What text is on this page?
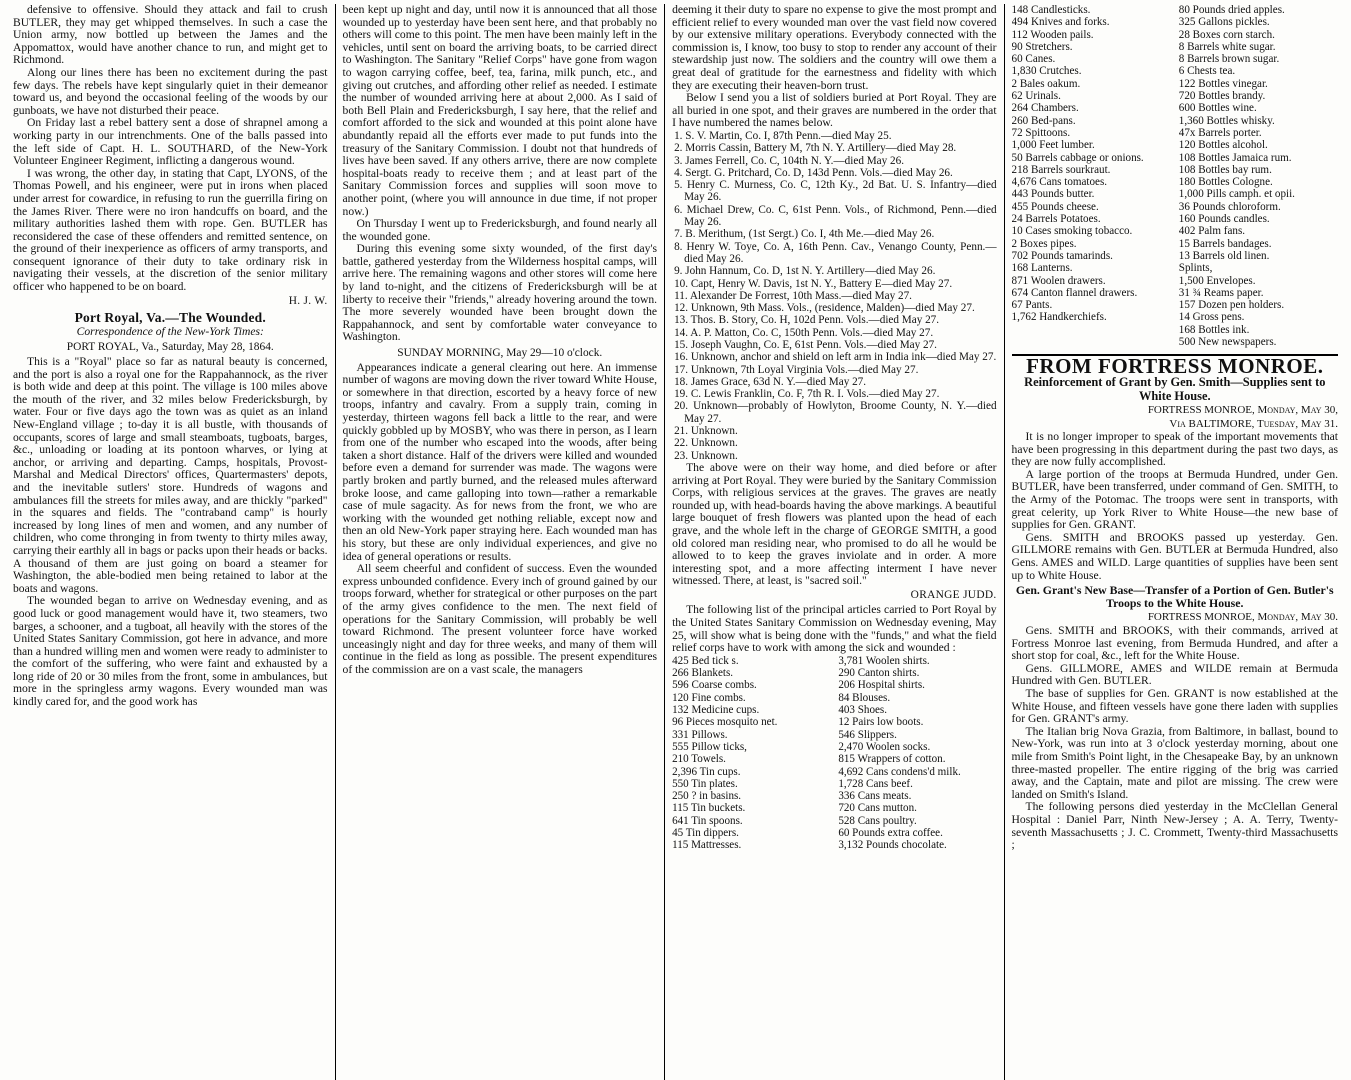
defensive to offensive. Should they attack and fail to crush BUTLER, they may get whipped themselves. In such a case the Union army, now bottled up between the James and the Appomattox, would have another chance to run, and might get to Richmond.

Along our lines there has been no excitement during the past few days. The rebels have kept singularly quiet in their demeanor toward us, and beyond the occasional feeling of the woods by our gunboats, we have not disturbed their peace.

On Friday last a rebel battery sent a dose of shrapnel among a working party in our intrenchments. One of the balls passed into the left side of Capt. H. L. SOUTHARD, of the New-York Volunteer Engineer Regiment, inflicting a dangerous wound.

I was wrong, the other day, in stating that Capt, LYONS, of the Thomas Powell, and his engineer, were put in irons when placed under arrest for cowardice, in refusing to run the guerrilla firing on the James River. There were no iron handcuffs on board, and the military authorities lashed them with rope. Gen. BUTLER has reconsidered the case of these offenders and remitted sentence, on the ground of their inexperience as officers of army transports, and consequent ignorance of their duty to take ordinary risk in navigating their vessels, at the discretion of the senior military officer who happened to be on board.

H. J. W.
Port Royal, Va.—The Wounded.
Correspondence of the New-York Times:
PORT ROYAL, Va., Saturday, May 28, 1864.

This is a "Royal" place so far as natural beauty is concerned, and the port is also a royal one for the Rappahannock, as the river is both wide and deep at this point. The village is 100 miles above the mouth of the river, and 32 miles below Fredericksburgh, by water. Four or five days ago the town was as quiet as an inland New-England village ; to-day it is all bustle, with thousands of occupants, scores of large and small steamboats, tugboats, barges, &c., unloading or loading at its pontoon wharves, or lying at anchor, or arriving and departing. Camps, hospitals, Provost-Marshal and Medical Directors' offices, Quartermasters' depots, and the inevitable sutlers' store. Hundreds of wagons and ambulances fill the streets for miles away, and are thickly "parked" in the squares and fields. The "contraband camp" is hourly increased by long lines of men and women, and any number of children, who come thronging in from twenty to thirty miles away, carrying their earthly all in bags or packs upon their heads or backs. A thousand of them are just going on board a steamer for Washington, the able-bodied men being retained to labor at the boats and wagons.

The wounded began to arrive on Wednesday evening, and as good luck or good management would have it, two steamers, two barges, a schooner, and a tugboat, all heavily with the stores of the United States Sanitary Commission, got here in advance, and more than a hundred willing men and women were ready to administer to the comfort of the suffering, who were faint and exhausted by a long ride of 20 or 30 miles from the front, some in ambulances, but more in the springless army wagons. Every wounded man was kindly cared for, and the good work has

been kept up night and day, until now it is announced that all those wounded up to yesterday have been sent here, and that probably no others will come to this point. The men have been mainly left in the vehicles, until sent on board the arriving boats, to be carried direct to Washington. The Sanitary "Relief Corps" have gone from wagon to wagon carrying coffee, beef, tea, farina, milk punch, etc., and giving out crutches, and affording other relief as needed. I estimate the number of wounded arriving here at about 2,000. As I said of both Bell Plain and Fredericksburgh, I say here, that the relief and comfort afforded to the sick and wounded at this point alone have abundantly repaid all the efforts ever made to put funds into the treasury of the Sanitary Commission. I doubt not that hundreds of lives have been saved. If any others arrive, there are now complete hospital-boats ready to receive them ; and at least part of the Sanitary Commission forces and supplies will soon move to another point, (where you will announce in due time, if not proper now.)

On Thursday I went up to Fredericksburgh, and found nearly all the wounded gone.

During this evening some sixty wounded, of the first day's battle, gathered yesterday from the Wilderness hospital camps, will arrive here. The remaining wagons and other stores will come here by land to-night, and the citizens of Fredericksburgh will be at liberty to receive their "friends," already hovering around the town. The more severely wounded have been brought down the Rappahannock, and sent by comfortable water conveyance to Washington.

SUNDAY MORNING, May 29—10 o'clock.

Appearances indicate a general clearing out here. An immense number of wagons are moving down the river toward White House, or somewhere in that direction, escorted by a heavy force of new troops, infantry and cavalry. From a supply train, coming in yesterday, thirteen wagons fell back a little to the rear, and were quickly gobbled up by MOSBY, who was there in person, as I learn from one of the number who escaped into the woods, after being taken a short distance. Half of the drivers were killed and wounded before even a demand for surrender was made. The wagons were partly broken and partly burned, and the released mules afterward broke loose, and came galloping into town—rather a remarkable case of mule sagacity. As for news from the front, we who are working with the wounded get nothing reliable, except now and then an old New-York paper straying here. Each wounded man has his story, but these are only individual experiences, and give no idea of general operations or results.

All seem cheerful and confident of success. Even the wounded express unbounded confidence. Every inch of ground gained by our troops forward, whether for strategical or other purposes on the part of the army gives confidence to the men. The next field of operations for the Sanitary Commission, will probably be well toward Richmond. The present volunteer force have worked unceasingly night and day for three weeks, and many of them will continue in the field as long as possible. The present expenditures of the commission are on a vast scale, the managers

deeming it their duty to spare no expense to give the most prompt and efficient relief to every wounded man over the vast field now covered by our extensive military operations. Everybody connected with the commission is, I know, too busy to stop to render any account of their stewardship just now. The soldiers and the country will owe them a great deal of gratitude for the earnestness and fidelity with which they are executing their heaven-born trust.

Below I send you a list of soldiers buried at Port Royal. They are all buried in one spot, and their graves are numbered in the order that I have numbered the names below.

1. S. V. Martin, Co. I, 87th Penn.—died May 25.
2. Morris Cassin, Battery M, 7th N. Y. Artillery—died May 28.
3. James Ferrell, Co. C, 104th N. Y.—died May 26.
4. Sergt. G. Pritchard, Co. D, 143d Penn. Vols.—died May 26.
5. Henry C. Murness, Co. C, 12th Ky., 2d Bat. U. S. Infantry—died May 26.
6. Michael Drew, Co. C, 61st Penn. Vols., of Richmond, Penn.—died May 26.
7. B. Merithum, (1st Sergt.) Co. I, 4th Me.—died May 26.
8. Henry W. Toye, Co. A, 16th Penn. Cav., Venango County, Penn.—died May 26.
9. John Hannum, Co. D, 1st N. Y. Artillery—died May 26.
10. Capt, Henry W. Davis, 1st N. Y., Battery E—died May 27.
11. Alexander De Forrest, 10th Mass.—died May 27.
12. Unknown, 9th Mass. Vols., (residence, Malden)—died May 27.
13. Thos. B. Story, Co. H, 102d Penn. Vols.—died May 27.
14. A. P. Matton, Co. C, 150th Penn. Vols.—died May 27.
15. Joseph Vaughn, Co. E, 61st Penn. Vols.—died May 27.
16. Unknown, anchor and shield on left arm in India ink—died May 27.
17. Unknown, 7th Loyal Virginia Vols.—died May 27.
18. James Grace, 63d N. Y.—died May 27.
19. C. Lewis Franklin, Co. F, 7th R. I. Vols.—died May 27.
20. Unknown—probably of Howlyton, Broome County, N. Y.—died May 27.
21. Unknown.
22. Unknown.
23. Unknown.

The above were on their way home, and died before or after arriving at Port Royal. They were buried by the Sanitary Commission Corps, with religious services at the graves. The graves are neatly rounded up, with head-boards having the above markings. A beautiful large bouquet of fresh flowers was planted upon the head of each grave, and the whole left in the charge of GEORGE SMITH, a good old colored man residing near, who promised to do all he would be allowed to to keep the graves inviolate and in order. A more interesting spot, and a more affecting interment I have never witnessed. There, at least, is "sacred soil."

ORANGE JUDD.

The following list of the principal articles carried to Port Royal by the United States Sanitary Commission on Wednesday evening, May 25, will show what is being done with the "funds," and what the field relief corps have to work with among the sick and wounded :

425 Bed tick s.
266 Blankets.
596 Coarse combs.
120 Fine combs.
132 Medicine cups.
96 Pieces mosquito net.
331 Pillows.
555 Pillow ticks,
210 Towels.
2,396 Tin cups.
550 Tin plates.
250 ? in basins.
115 Tin buckets.
641 Tin spoons.
45 Tin dippers.
115 Mattresses.
3,781 Woolen shirts.
290 Canton shirts.
206 Hospital shirts.
84 Blouses.
403 Shoes.
12 Pairs low boots.
546 Slippers.
2,470 Woolen socks.
815 Wrappers of cotton.
4,692 Cans condens'd milk.
1,728 Cans beef.
336 Cans meats.
720 Cans mutton.
528 Cans poultry.
60 Pounds extra coffee.
3,132 Pounds chocolate.
148 Candlesticks.
494 Knives and forks.
112 Wooden pails.
90 Stretchers.
60 Canes.
1,830 Crutches.
2 Bales oakum.
62 Urinals.
264 Chambers.
260 Bed-pans.
72 Spittoons.
1,000 Feet lumber.
50 Barrels cabbage or onions.
218 Barrels sourkraut.
4,676 Cans tomatoes.
443 Pounds butter.
455 Pounds cheese.
24 Barrels Potatoes.
10 Cases smoking tobacco.
2 Boxes pipes.
702 Pounds tamarinds.
168 Lanterns.
871 Woolen drawers.
674 Canton flannel drawers.
67 Pants.
1,762 Handkerchiefs.
80 Pounds dried apples.
325 Gallons pickles.
28 Boxes corn starch.
8 Barrels white sugar.
8 Barrels brown sugar.
6 Chests tea.
122 Bottles vinegar.
720 Bottles brandy.
600 Bottles wine.
1,360 Bottles whisky.
47x Barrels porter.
120 Bottles alcohol.
108 Bottles Jamaica rum.
108 Bottles bay rum.
180 Bottles Cologne.
1,000 Pills camph. et opii.
36 Pounds chloroform.
160 Pounds candles.
402 Palm fans.
15 Barrels bandages.
13 Barrels old linen.
Splints,
1,500 Envelopes.
31 ¾ Reams paper.
157 Dozen pen holders.
14 Gross pens.
168 Bottles ink.
500 New newspapers.
FROM FORTRESS MONROE.
Reinforcement of Grant by Gen. Smith—Supplies sent to White House.
FORTRESS MONROE, Monday, May 30,
Via BALTIMORE, Tuesday, May 31.

It is no longer improper to speak of the important movements that have been progressing in this department during the past two days, as they are now fully accomplished.

A large portion of the troops at Bermuda Hundred, under Gen. BUTLER, have been transferred, under command of Gen. SMITH, to the Army of the Potomac. The troops were sent in transports, with great celerity, up York River to White House—the new base of supplies for Gen. GRANT.

Gens. SMITH and BROOKS passed up yesterday. Gen. GILLMORE remains with Gen. BUTLER at Bermuda Hundred, also Gens. AMES and WILD. Large quantities of supplies have been sent up to White House.

Gen. Grant's New Base—Transfer of a Portion of Gen. Butler's Troops to the White House.
FORTRESS MONROE, Monday, May 30.

Gens. SMITH and BROOKS, with their commands, arrived at Fortress Monroe last evening, from Bermuda Hundred, and after a short stop for coal, &c., left for the White House.

Gens. GILLMORE, AMES and WILDE remain at Bermuda Hundred with Gen. BUTLER.

The base of supplies for Gen. GRANT is now established at the White House, and fifteen vessels have gone there laden with supplies for Gen. GRANT's army.

The Italian brig Nova Grazia, from Baltimore, in ballast, bound to New-York, was run into at 3 o'clock yesterday morning, about one mile from Smith's Point light, in the Chesapeake Bay, by an unknown three-masted propeller. The entire rigging of the brig was carried away, and the Captain, mate and pilot are missing. The crew were landed on Smith's Island.

The following persons died yesterday in the McClellan General Hospital : Daniel Parr, Ninth New-Jersey ; A. A. Terry, Twenty-seventh Massachusetts ; J. C. Crommett, Twenty-third Massachusetts ;
